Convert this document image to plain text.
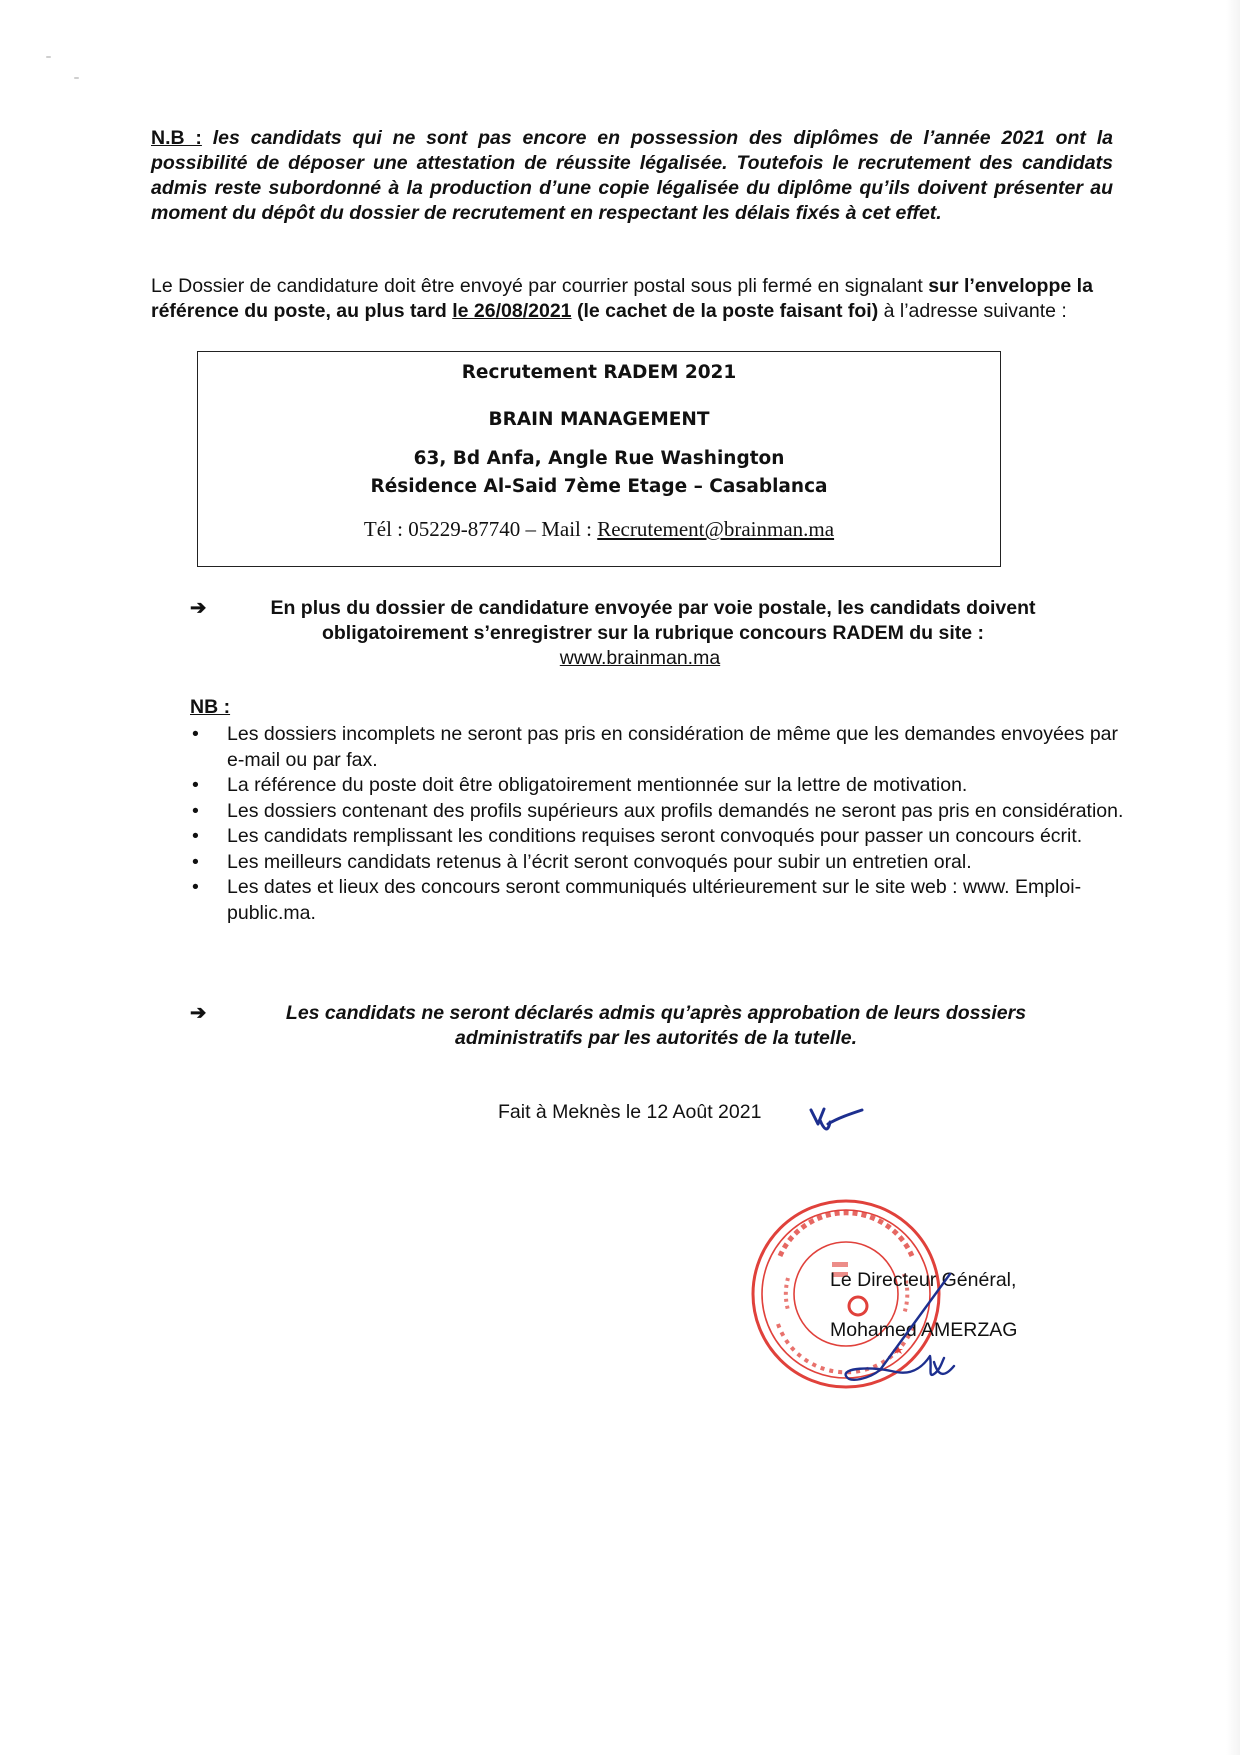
N.B : les candidats qui ne sont pas encore en possession des diplômes de l’année 2021 ont la possibilité de déposer une attestation de réussite légalisée. Toutefois le recrutement des candidats admis reste subordonné à la production d’une copie légalisée du diplôme qu’ils doivent présenter au moment du dépôt du dossier de recrutement en respectant les délais fixés à cet effet.
Le Dossier de candidature doit être envoyé par courrier postal sous pli fermé en signalant sur l’enveloppe la référence du poste, au plus tard le 26/08/2021 (le cachet de la poste faisant foi) à l’adresse suivante :
Recrutement RADEM 2021
BRAIN MANAGEMENT
63, Bd Anfa, Angle Rue Washington
Résidence Al-Said 7ème Etage – Casablanca
Tél : 05229-87740 – Mail : Recrutement@brainman.ma
➔	En plus du dossier de candidature envoyée par voie postale, les candidats doivent obligatoirement s’enregistrer sur la rubrique concours RADEM du site :
www.brainman.ma
NB :
• Les dossiers incomplets ne seront pas pris en considération de même que les demandes envoyées par e-mail ou par fax.
• La référence du poste doit être obligatoirement mentionnée sur la lettre de motivation.
• Les dossiers contenant des profils supérieurs aux profils demandés ne seront pas pris en considération.
• Les candidats remplissant les conditions requises seront convoqués pour passer un concours écrit.
• Les meilleurs candidats retenus à l’écrit seront convoqués pour subir un entretien oral.
• Les dates et lieux des concours seront communiqués ultérieurement sur le site web : www. Emploi-public.ma.
➔	Les candidats ne seront déclarés admis qu’après approbation de leurs dossiers administratifs par les autorités de la tutelle.
Fait à Meknès le 12 Août 2021
Le Directeur Général,
Mohamed AMERZAG
